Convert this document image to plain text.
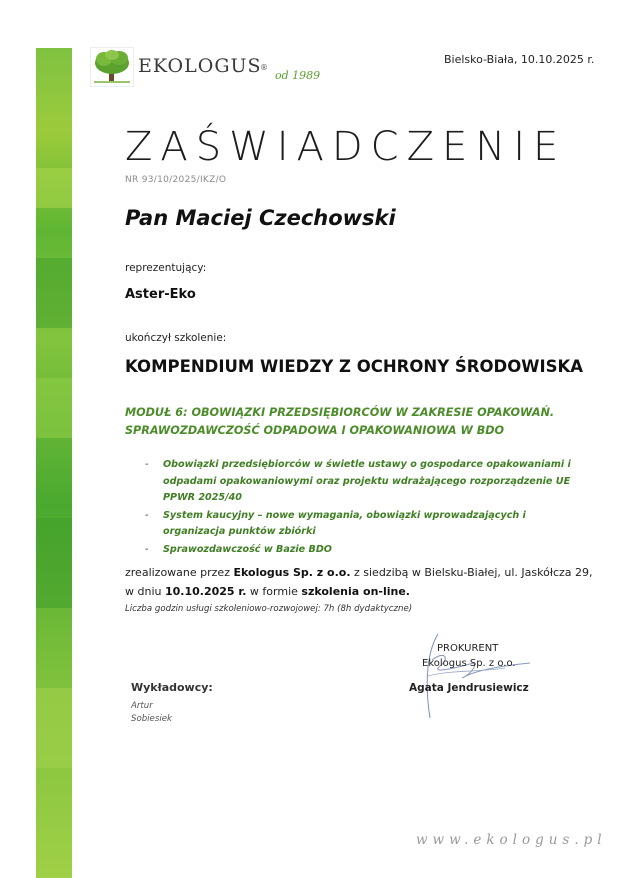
EKOLOGUS
®
od 1989
Bielsko-Biała, 10.10.2025 r.
ZAŚWIADCZENIE
NR 93/10/2025/IKZ/O
Pan Maciej Czechowski
reprezentujący:
Aster-Eko
ukończył szkolenie:
KOMPENDIUM WIEDZY Z OCHRONY ŚRODOWISKA
MODUŁ 6: OBOWIĄZKI PRZEDSIĘBIORCÓW W ZAKRESIE OPAKOWAŃ.
SPRAWOZDAWCZOŚĆ ODPADOWA I OPAKOWANIOWA W BDO
- Obowiązki przedsiębiorców w świetle ustawy o gospodarce opakowaniami i odpadami opakowaniowymi oraz projektu wdrażającego rozporządzenie UE PPWR 2025/40
- System kaucyjny – nowe wymagania, obowiązki wprowadzających i organizacja punktów zbiórki
- Sprawozdawczość w Bazie BDO
zrealizowane przez Ekologus Sp. z o.o. z siedzibą w Bielsku-Białej, ul. Jaskółcza 29,
w dniu 10.10.2025 r. w formie szkolenia on-line.
Liczba godzin usługi szkoleniowo-rozwojowej: 7h (8h dydaktyczne)
Wykładowcy:
Artur
Sobiesiek
PROKURENT
Ekologus Sp. z o.o.
Agata Jendrusiewicz
www.ekologus.pl
